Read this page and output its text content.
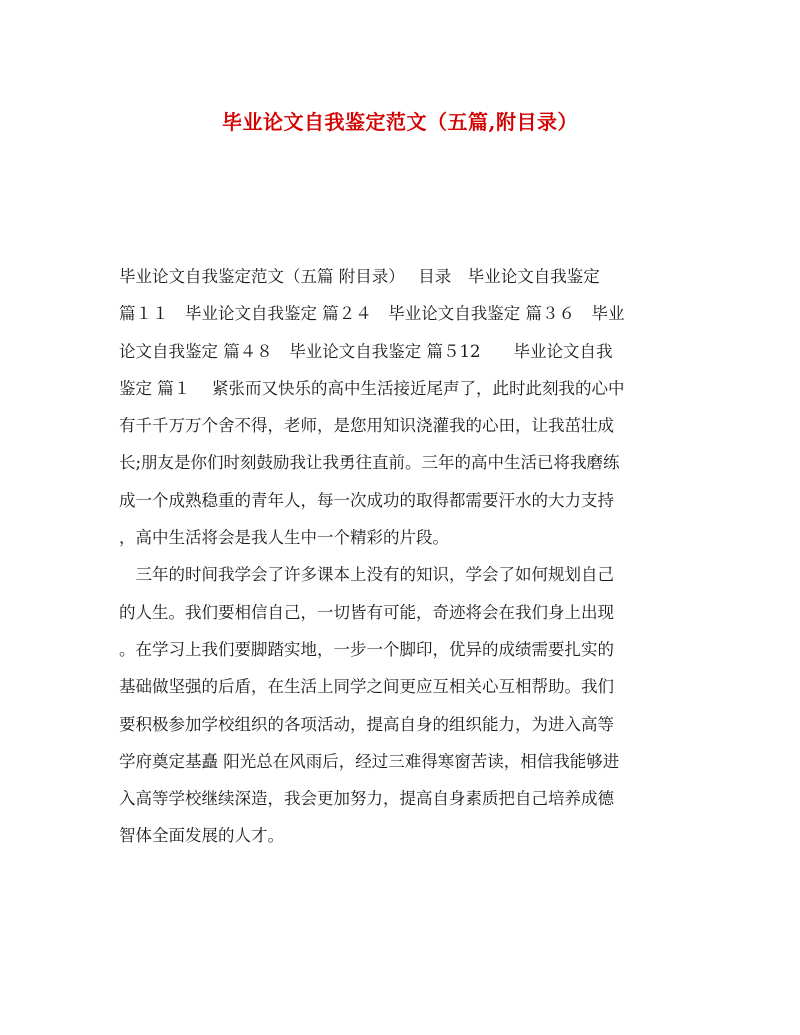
毕业论文自我鉴定范文（五篇,附目录）
毕业论文自我鉴定范文（五篇 附目录）　 目录　毕业论文自我鉴定
篇１１　毕业论文自我鉴定 篇２４　毕业论文自我鉴定 篇３６　毕业
论文自我鉴定 篇４８　毕业论文自我鉴定 篇５12　　毕业论文自我
鉴定 篇１　 紧张而又快乐的高中生活接近尾声了，此时此刻我的心中
有千千万万个舍不得，老师，是您用知识浇灌我的心田，让我茁壮成
长;朋友是你们时刻鼓励我让我勇往直前。三年的高中生活已将我磨练
成一个成熟稳重的青年人，每一次成功的取得都需要汗水的大力支持
，高中生活将会是我人生中一个精彩的片段。
　三年的时间我学会了许多课本上没有的知识，学会了如何规划自己
的人生。我们要相信自己，一切皆有可能，奇迹将会在我们身上出现
。在学习上我们要脚踏实地，一步一个脚印，优异的成绩需要扎实的
基础做坚强的后盾，在生活上同学之间更应互相关心互相帮助。我们
要积极参加学校组织的各项活动，提高自身的组织能力，为进入高等
学府奠定基矗 阳光总在风雨后，经过三难得寒窗苦读，相信我能够进
入高等学校继续深造，我会更加努力，提高自身素质把自己培养成德
智体全面发展的人才。
